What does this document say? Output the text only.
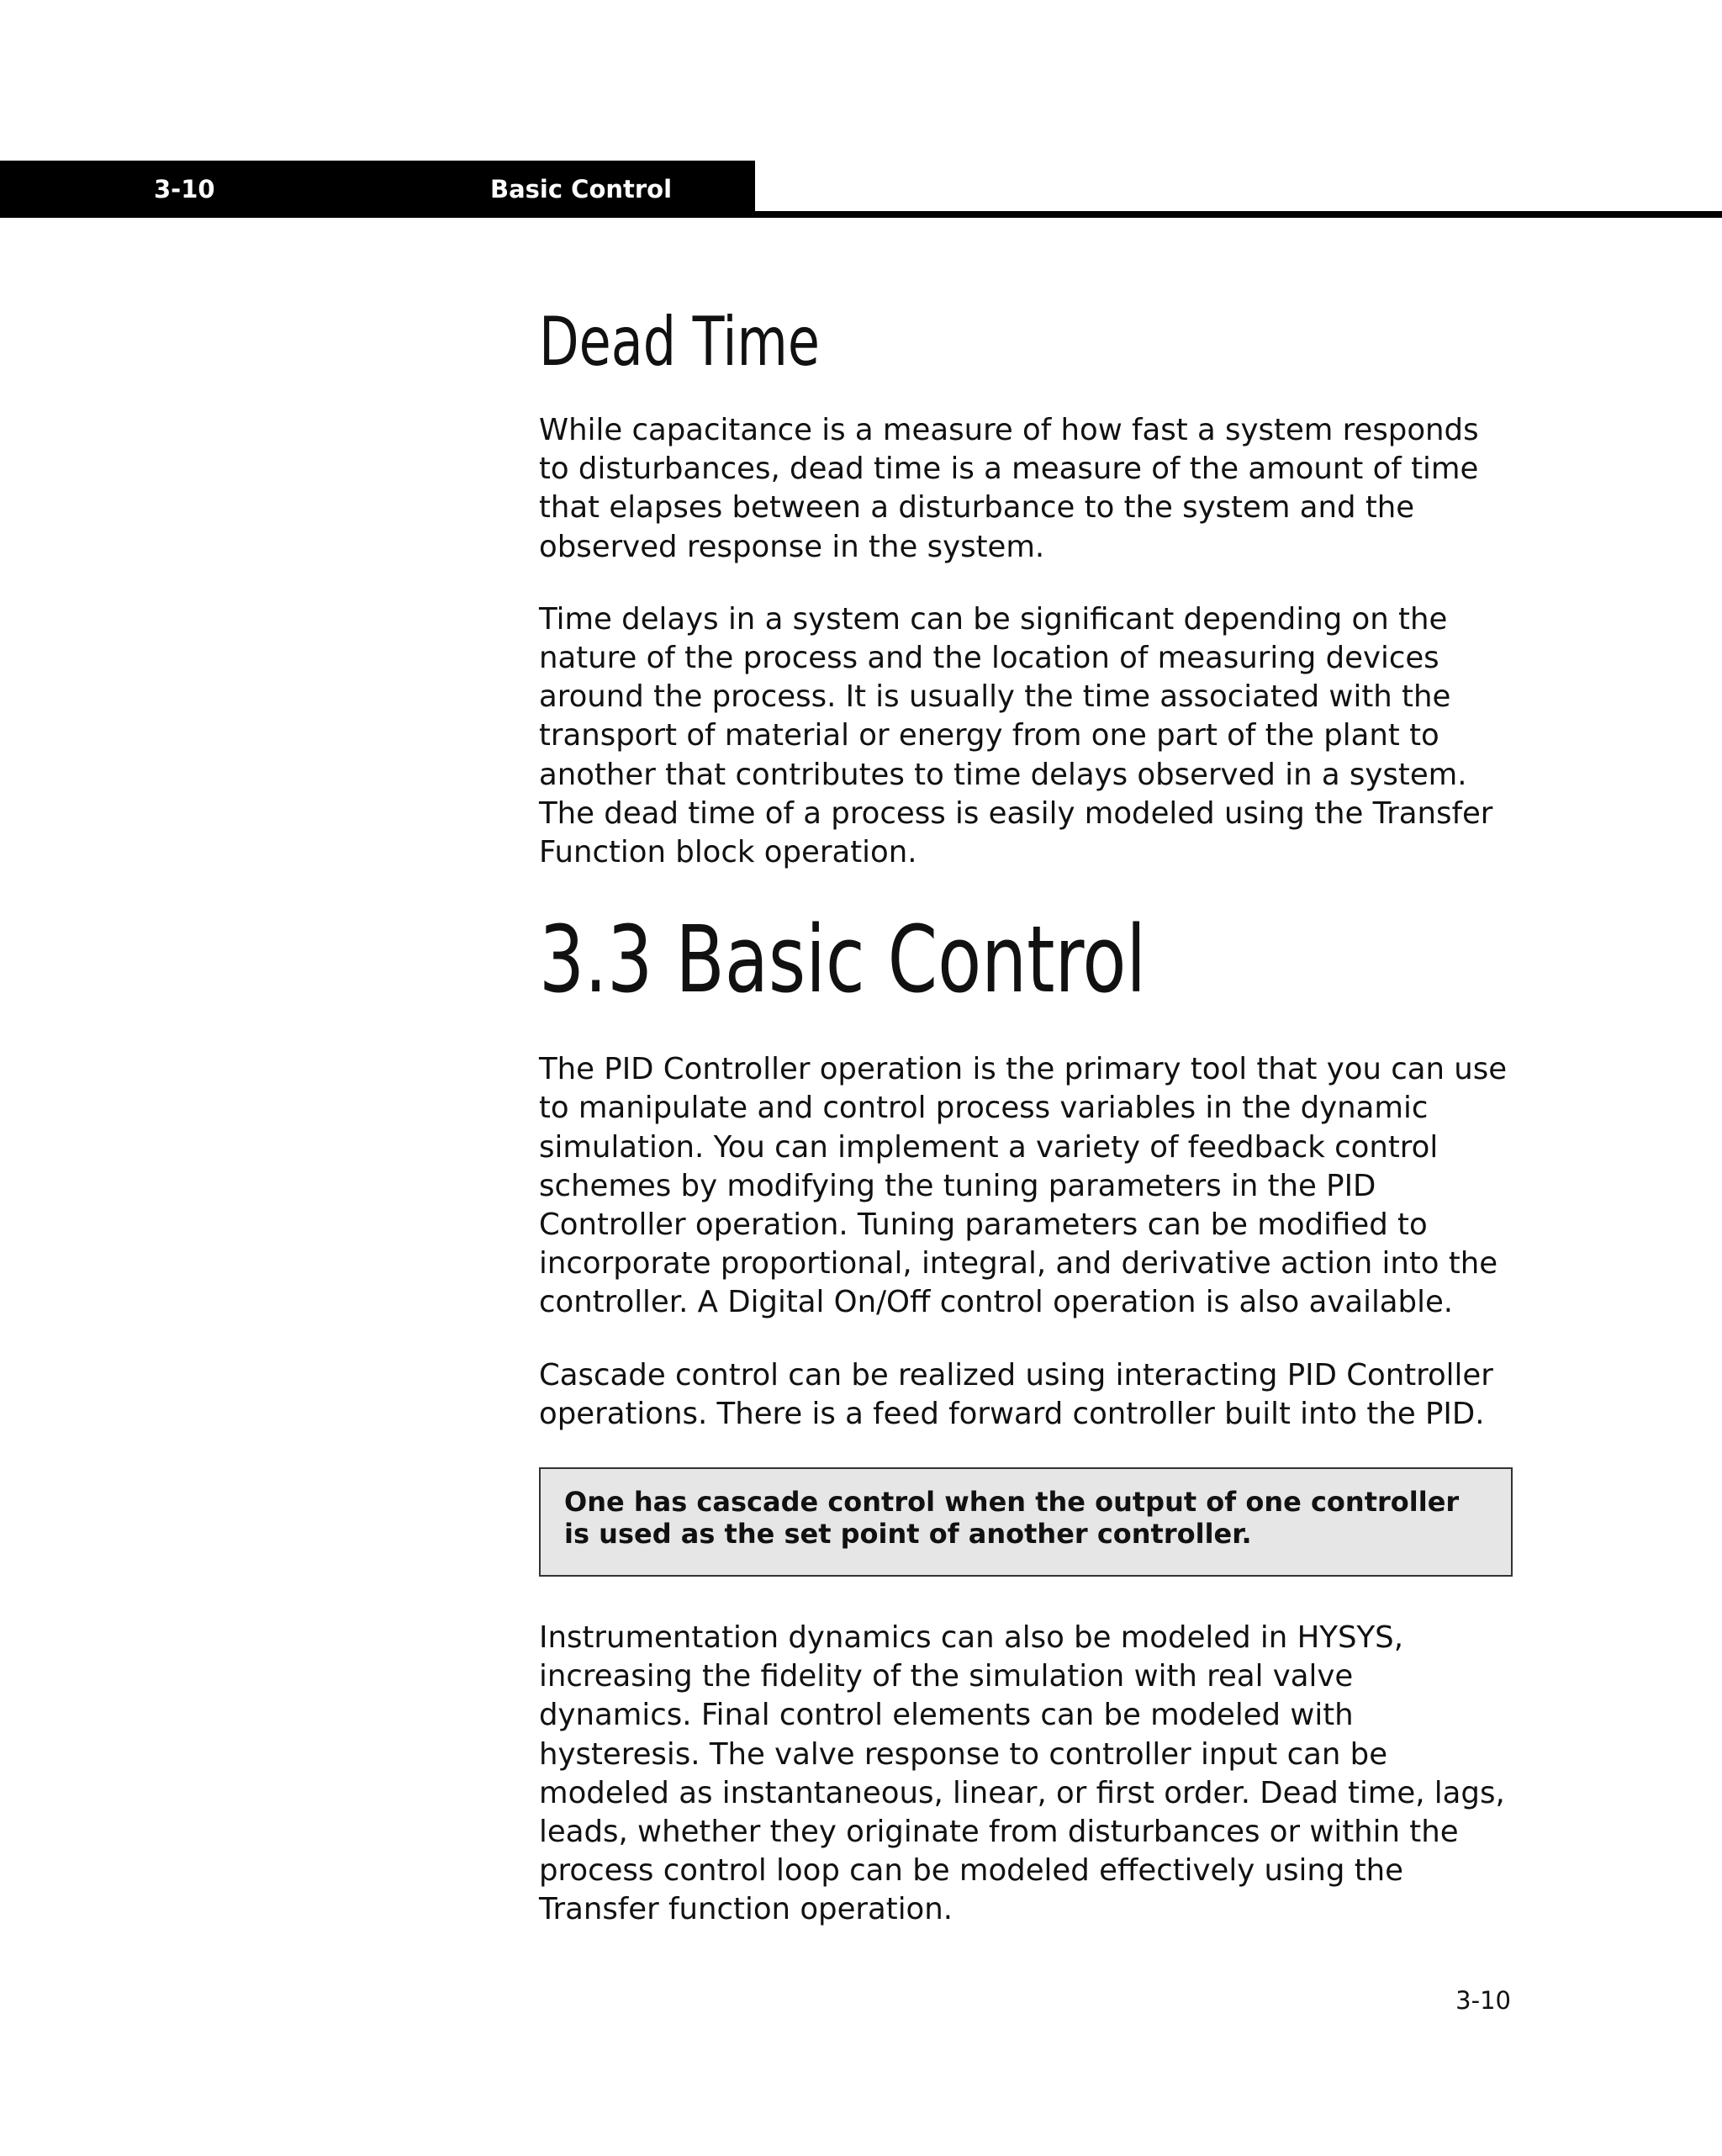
3-10	Basic Control
Dead Time

While capacitance is a measure of how fast a system responds to disturbances, dead time is a measure of the amount of time that elapses between a disturbance to the system and the observed response in the system.

Time delays in a system can be significant depending on the nature of the process and the location of measuring devices around the process. It is usually the time associated with the transport of material or energy from one part of the plant to another that contributes to time delays observed in a system. The dead time of a process is easily modeled using the Transfer Function block operation.

3.3 Basic Control

The PID Controller operation is the primary tool that you can use to manipulate and control process variables in the dynamic simulation. You can implement a variety of feedback control schemes by modifying the tuning parameters in the PID Controller operation. Tuning parameters can be modified to incorporate proportional, integral, and derivative action into the controller. A Digital On/Off control operation is also available.

Cascade control can be realized using interacting PID Controller operations. There is a feed forward controller built into the PID.

One has cascade control when the output of one controller is used as the set point of another controller.

Instrumentation dynamics can also be modeled in HYSYS, increasing the fidelity of the simulation with real valve dynamics. Final control elements can be modeled with hysteresis. The valve response to controller input can be modeled as instantaneous, linear, or first order. Dead time, lags, leads, whether they originate from disturbances or within the process control loop can be modeled effectively using the Transfer function operation.

3-10
